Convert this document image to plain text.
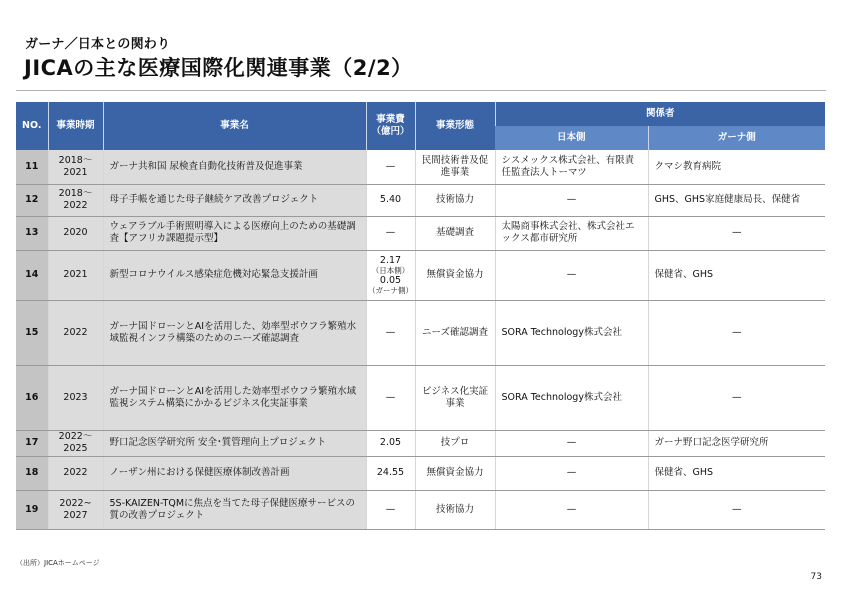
ガーナ／日本との関わり
JICAの主な医療国際化関連事業（2/2）
NO.	事業時期	事業名	事業費（億円）	事業形態	関係者	
					日本側	ガーナ側
11	2018～ 2021	ガーナ共和国 尿検査自動化技術普及促進事業	—	民間技術普及促進事業	シスメックス株式会社、有限責任監査法人トーマツ	クマシ教育病院
12	2018～ 2022	母子手帳を通じた母子継続ケア改善プロジェクト	5.40	技術協力	—	GHS、GHS家庭健康局長、保健省
13	2020	ウェアラブル手術照明導入による医療向上のための基礎調査【アフリカ課題提示型】	—	基礎調査	太陽商事株式会社、株式会社エックス都市研究所	—
14	2021	新型コロナウイルス感染症危機対応緊急支援計画	2.17
（日本側）
0.05
（ガーナ側）	無償資金協力	—	保健省、GHS
15	2022	ガーナ国ドローンとAIを活用した、効率型ボウフラ繁殖水域監視インフラ構築のためのニーズ確認調査	—	ニーズ確認調査	SORA Technology株式会社	—
16	2023	ガーナ国ドローンとAIを活用した効率型ボウフラ繁殖水域監視システム構築にかかるビジネス化実証事業	—	ビジネス化実証事業	SORA Technology株式会社	—
17	2022～ 2025	野口記念医学研究所 安全･質管理向上プロジェクト	2.05	技プロ	—	ガーナ野口記念医学研究所
18	2022	ノーザン州における保健医療体制改善計画	24.55	無償資金協力	—	保健省、GHS
19	2022~ 2027	5S-KAIZEN-TQMに焦点を当てた母子保健医療サービスの質の改善プロジェクト	—	技術協力	—	—
（出所）JICAホームページ
73
